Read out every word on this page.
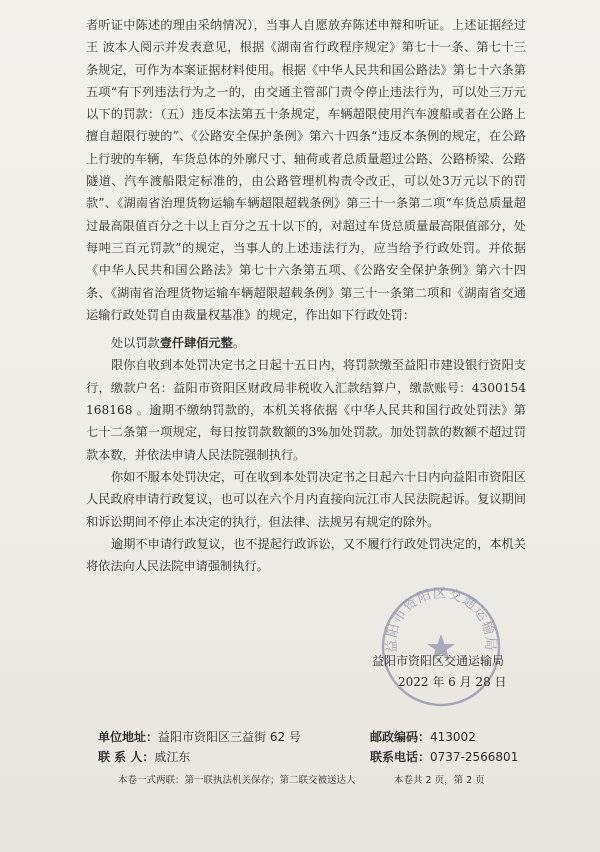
者听证中陈述的理由采纳情况），当事人自愿放弃陈述申辩和听证。上述证据经过王 波本人阅示并发表意见，根据《湖南省行政程序规定》第七十一条、第七十三条规定，可作为本案证据材料使用。根据《中华人民共和国公路法》第七十六条第五项“有下列违法行为之一的，由交通主管部门责令停止违法行为，可以处三万元以下的罚款：（五）违反本法第五十条规定，车辆超限使用汽车渡船或者在公路上擅自超限行驶的”、《公路安全保护条例》第六十四条“违反本条例的规定，在公路上行驶的车辆，车货总体的外廓尺寸、轴荷或者总质量超过公路、公路桥梁、公路隧道、汽车渡船限定标准的，由公路管理机构责令改正，可以处3万元以下的罚款”、《湖南省治理货物运输车辆超限超载条例》第三十一条第二项“车货总质量超过最高限值百分之十以上百分之五十以下的，对超过车货总质量最高限值部分，处每吨三百元罚款”的规定，当事人的上述违法行为，应当给予行政处罚。并依据《中华人民共和国公路法》第七十六条第五项、《公路安全保护条例》第六十四条、《湖南省治理货物运输车辆超限超载条例》第三十一条第二项和《湖南省交通运输行政处罚自由裁量权基准》的规定，作出如下行政处罚：

处以罚款壹仟肆佰元整。

限你自收到本处罚决定书之日起十五日内，将罚款缴至益阳市建设银行资阳支行，缴款户名：益阳市资阳区财政局非税收入汇款结算户，缴款账号：4300154 168168 。逾期不缴纳罚款的，本机关将依据《中华人民共和国行政处罚法》第七十二条第一项规定，每日按罚款数额的3%加处罚款。加处罚款的数额不超过罚款本数，并依法申请人民法院强制执行。

你如不服本处罚决定，可在收到本处罚决定书之日起六十日内向益阳市资阳区人民政府申请行政复议，也可以在六个月内直接向沅江市人民法院起诉。复议期间和诉讼期间不停止本决定的执行，但法律、法规另有规定的除外。

逾期不申请行政复议，也不提起行政诉讼，又不履行行政处罚决定的，本机关将依法向人民法院申请强制执行。

益阳市资阳区交通运输局
益阳市资阳区交通运输局
2022 年 6 月 28 日
单位地址：益阳市资阳区三益街 62 号	邮政编码：413002
联 系 人：戚江东	联系电话：0737-2566801
本卷一式两联：第一联执法机关保存；第二联交被送达人	本卷共 2 页，第 2 页
